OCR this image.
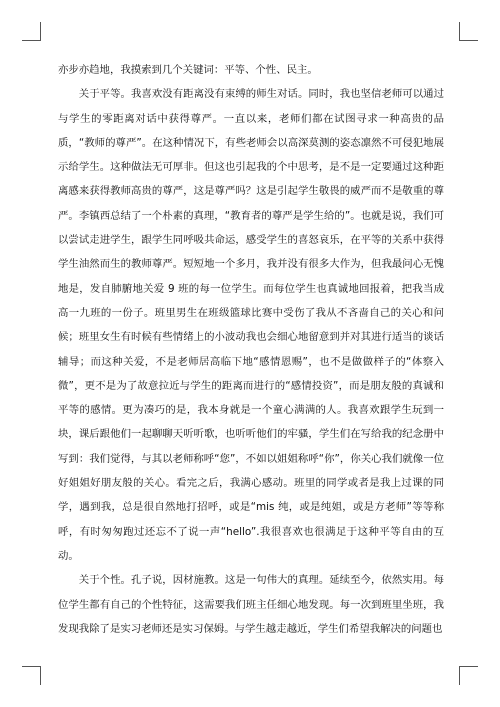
亦步亦趋地，我摸索到几个关键词：平等、个性、民主。

关于平等。我喜欢没有距离没有束缚的师生对话。同时，我也坚信老师可以通过与学生的零距离对话中获得尊严。一直以来，老师们都在试图寻求一种高贵的品质，“教师的尊严”。在这种情况下，有些老师会以高深莫测的姿态凛然不可侵犯地展示给学生。这种做法无可厚非。但这也引起我的个中思考，是不是一定要通过这种距离感来获得教师高贵的尊严，这是尊严吗？这是引起学生敬畏的威严而不是敬重的尊严。李镇西总结了一个朴素的真理，“教育者的尊严是学生给的”。也就是说，我们可以尝试走进学生，跟学生同呼吸共命运，感受学生的喜怒哀乐，在平等的关系中获得学生油然而生的教师尊严。短短地一个多月，我并没有很多大作为，但我最问心无愧地是，发自肺腑地关爱 9 班的每一位学生。而每位学生也真诚地回报着，把我当成高一九班的一份子。班里男生在班级篮球比赛中受伤了我从不吝啬自己的关心和问候；班里女生有时候有些情绪上的小波动我也会细心地留意到并对其进行适当的谈话辅导；而这种关爱，不是老师居高临下地“感情恩赐”，也不是做做样子的“体察入微”，更不是为了故意拉近与学生的距离而进行的“感情投资”，而是朋友般的真诚和平等的感情。更为凑巧的是，我本身就是一个童心满满的人。我喜欢跟学生玩到一块，课后跟他们一起聊聊天听听歌，也听听他们的牢骚，学生们在写给我的纪念册中写到：我们觉得，与其以老师称呼“您”，不如以姐姐称呼“你”，你关心我们就像一位好姐姐好朋友般的关心。看完之后，我满心感动。班里的同学或者是我上过课的同学，遇到我，总是很自然地打招呼，或是“mis 纯，或是纯姐，或是方老师”等等称呼，有时匆匆跑过还忘不了说一声“hello”.我很喜欢也很满足于这种平等自由的互动。

关于个性。孔子说，因材施教。这是一句伟大的真理。延续至今，依然实用。每位学生都有自己的个性特征，这需要我们班主任细心地发现。每一次到班里坐班，我发现我除了是实习老师还是实习保姆。与学生越走越近，学生们希望我解决的问题也
